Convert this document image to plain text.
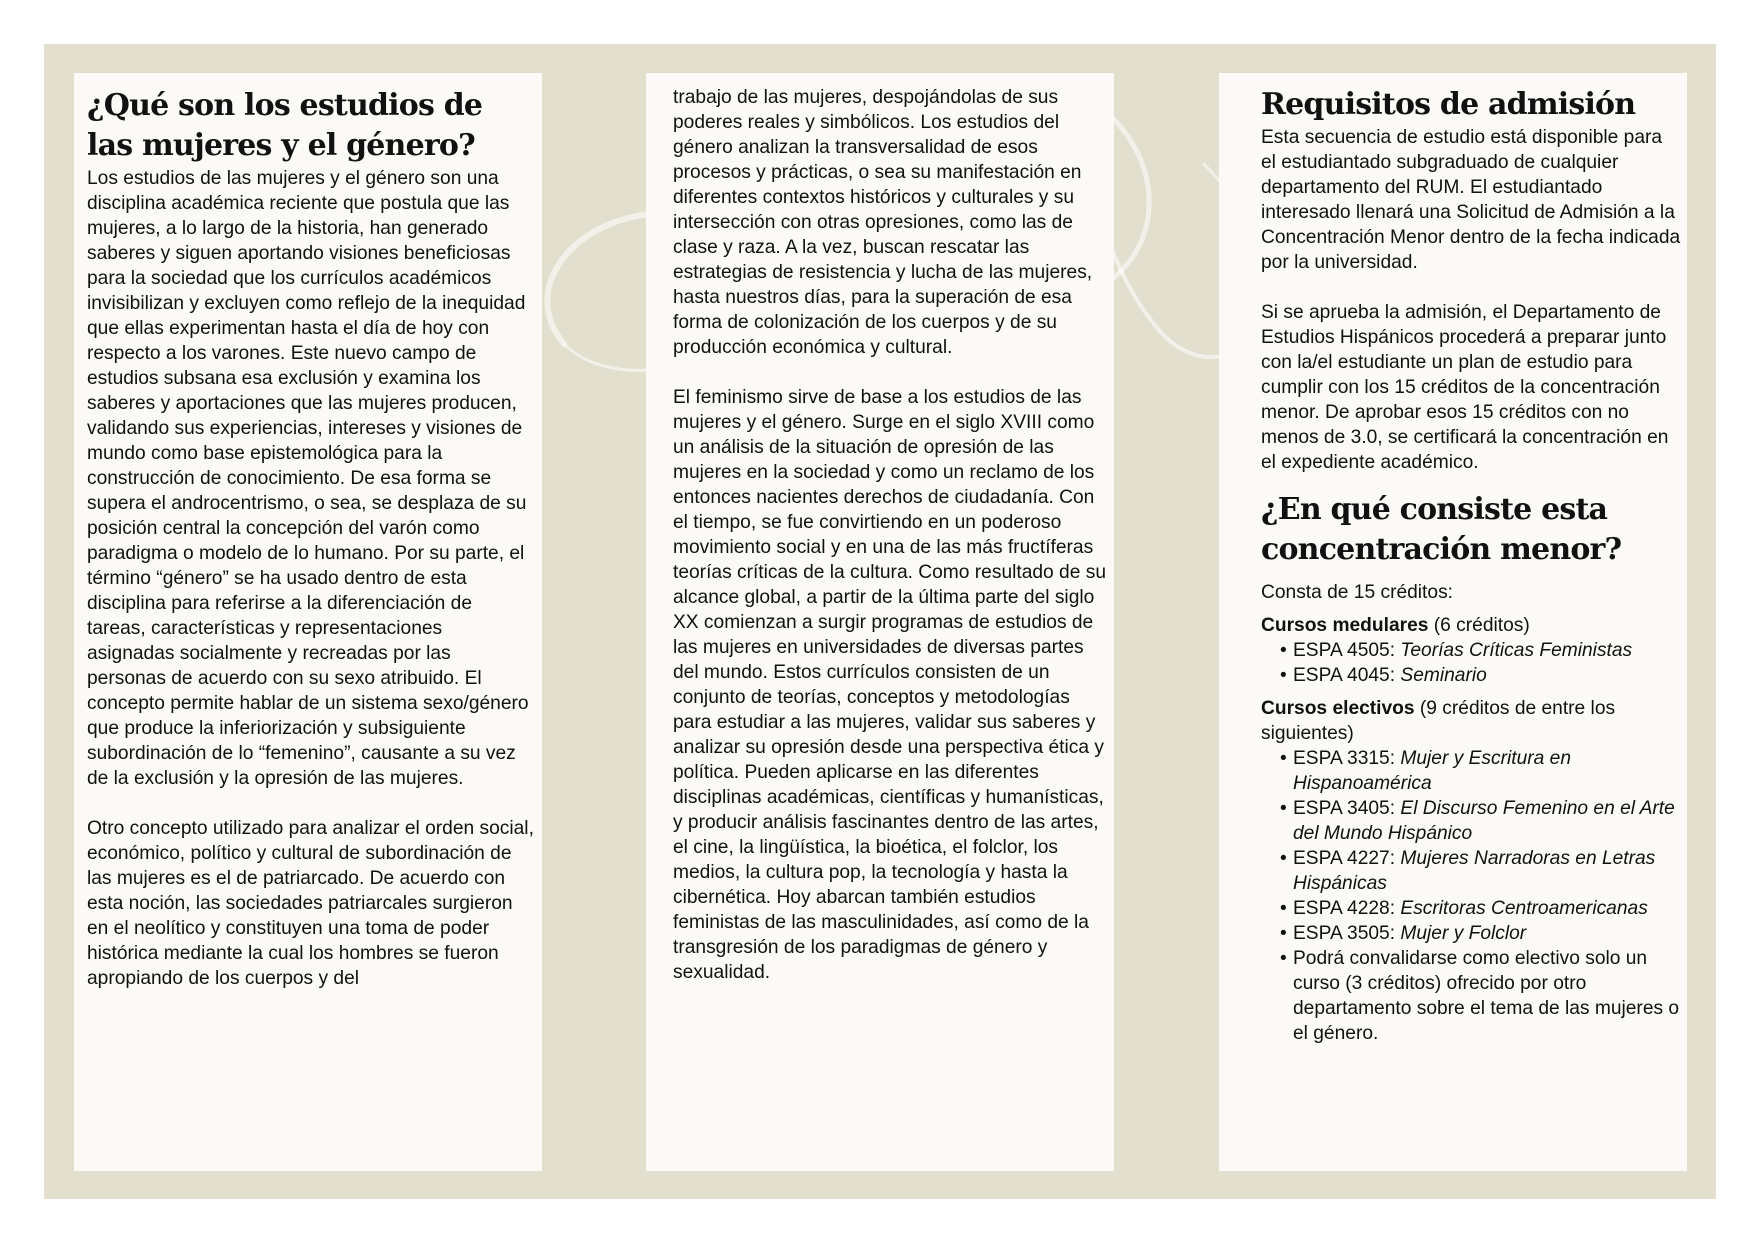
¿Qué son los estudios de las mujeres y el género?

Los estudios de las mujeres y el género son una disciplina académica reciente que postula que las mujeres, a lo largo de la historia, han generado saberes y siguen aportando visiones beneficiosas para la sociedad que los currículos académicos invisibilizan y excluyen como reflejo de la inequidad que ellas experimentan hasta el día de hoy con respecto a los varones. Este nuevo campo de estudios subsana esa exclusión y examina los saberes y aportaciones que las mujeres producen, validando sus experiencias, intereses y visiones de mundo como base epistemológica para la construcción de conocimiento. De esa forma se supera el androcentrismo, o sea, se desplaza de su posición central la concepción del varón como paradigma o modelo de lo humano. Por su parte, el término “género” se ha usado dentro de esta disciplina para referirse a la diferenciación de tareas, características y representaciones asignadas socialmente y recreadas por las personas de acuerdo con su sexo atribuido. El concepto permite hablar de un sistema sexo/género que produce la inferiorización y subsiguiente subordinación de lo “femenino”, causante a su vez de la exclusión y la opresión de las mujeres.

Otro concepto utilizado para analizar el orden social, económico, político y cultural de subordinación de las mujeres es el de patriarcado. De acuerdo con esta noción, las sociedades patriarcales surgieron en el neolítico y constituyen una toma de poder histórica mediante la cual los hombres se fueron apropiando de los cuerpos y del

trabajo de las mujeres, despojándolas de sus poderes reales y simbólicos. Los estudios del género analizan la transversalidad de esos procesos y prácticas, o sea su manifestación en diferentes contextos históricos y culturales y su intersección con otras opresiones, como las de clase y raza. A la vez, buscan rescatar las estrategias de resistencia y lucha de las mujeres, hasta nuestros días, para la superación de esa forma de colonización de los cuerpos y de su producción económica y cultural.

El feminismo sirve de base a los estudios de las mujeres y el género. Surge en el siglo XVIII como un análisis de la situación de opresión de las mujeres en la sociedad y como un reclamo de los entonces nacientes derechos de ciudadanía. Con el tiempo, se fue convirtiendo en un poderoso movimiento social y en una de las más fructíferas teorías críticas de la cultura. Como resultado de su alcance global, a partir de la última parte del siglo XX comienzan a surgir programas de estudios de las mujeres en universidades de diversas partes del mundo. Estos currículos consisten de un conjunto de teorías, conceptos y metodologías para estudiar a las mujeres, validar sus saberes y analizar su opresión desde una perspectiva ética y política. Pueden aplicarse en las diferentes disciplinas académicas, científicas y humanísticas, y producir análisis fascinantes dentro de las artes, el cine, la lingüística, la bioética, el folclor, los medios, la cultura pop, la tecnología y hasta la cibernética. Hoy abarcan también estudios feministas de las masculinidades, así como de la transgresión de los paradigmas de género y sexualidad.

Requisitos de admisión

Esta secuencia de estudio está disponible para el estudiantado subgraduado de cualquier departamento del RUM. El estudiantado interesado llenará una Solicitud de Admisión a la Concentración Menor dentro de la fecha indicada por la universidad.

Si se aprueba la admisión, el Departamento de Estudios Hispánicos procederá a preparar junto con la/el estudiante un plan de estudio para cumplir con los 15 créditos de la concentración menor. De aprobar esos 15 créditos con no menos de 3.0, se certificará la concentración en el expediente académico.

¿En qué consiste esta concentración menor?

Consta de 15 créditos:

Cursos medulares (6 créditos)

• ESPA 4505: Teorías Críticas Feministas
• ESPA 4045: Seminario

Cursos electivos (9 créditos de entre los siguientes)

• ESPA 3315: Mujer y Escritura en Hispanoamérica
• ESPA 3405: El Discurso Femenino en el Arte del Mundo Hispánico
• ESPA 4227: Mujeres Narradoras en Letras Hispánicas
• ESPA 4228: Escritoras Centroamericanas
• ESPA 3505: Mujer y Folclor
• Podrá convalidarse como electivo solo un curso (3 créditos) ofrecido por otro departamento sobre el tema de las mujeres o el género.
